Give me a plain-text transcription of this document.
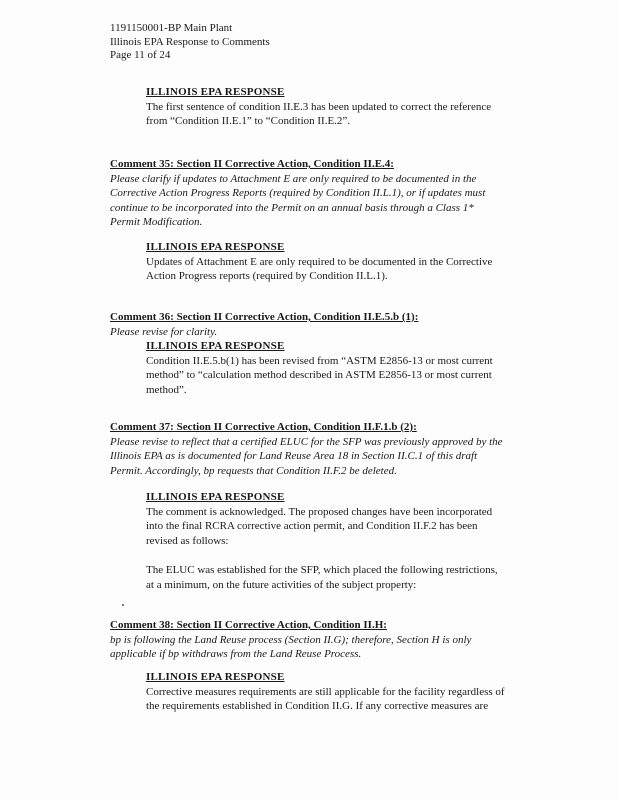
1191150001-BP Main Plant
Illinois EPA Response to Comments
Page 11 of 24
ILLINOIS EPA RESPONSE
The first sentence of condition II.E.3 has been updated to correct the reference
from “Condition II.E.1” to “Condition II.E.2”.
Comment 35: Section II Corrective Action, Condition II.E.4:
Please clarify if updates to Attachment E are only required to be documented in the
Corrective Action Progress Reports (required by Condition II.L.1), or if updates must
continue to be incorporated into the Permit on an annual basis through a Class 1*
Permit Modification.
ILLINOIS EPA RESPONSE
Updates of Attachment E are only required to be documented in the Corrective
Action Progress reports (required by Condition II.L.1).
Comment 36: Section II Corrective Action, Condition II.E.5.b (1):
Please revise for clarity.
ILLINOIS EPA RESPONSE
Condition II.E.5.b(1) has been revised from “ASTM E2856-13 or most current
method” to “calculation method described in ASTM E2856-13 or most current
method”.
Comment 37: Section II Corrective Action, Condition II.F.1.b (2):
Please revise to reflect that a certified ELUC for the SFP was previously approved by the
Illinois EPA as is documented for Land Reuse Area 18 in Section II.C.1 of this draft
Permit. Accordingly, bp requests that Condition II.F.2 be deleted.
ILLINOIS EPA RESPONSE
The comment is acknowledged. The proposed changes have been incorporated
into the final RCRA corrective action permit, and Condition II.F.2 has been
revised as follows:
The ELUC was established for the SFP, which placed the following restrictions,
at a minimum, on the future activities of the subject property:
Comment 38: Section II Corrective Action, Condition II.H:
bp is following the Land Reuse process (Section II.G); therefore, Section H is only
applicable if bp withdraws from the Land Reuse Process.
ILLINOIS EPA RESPONSE
Corrective measures requirements are still applicable for the facility regardless of
the requirements established in Condition II.G. If any corrective measures are
